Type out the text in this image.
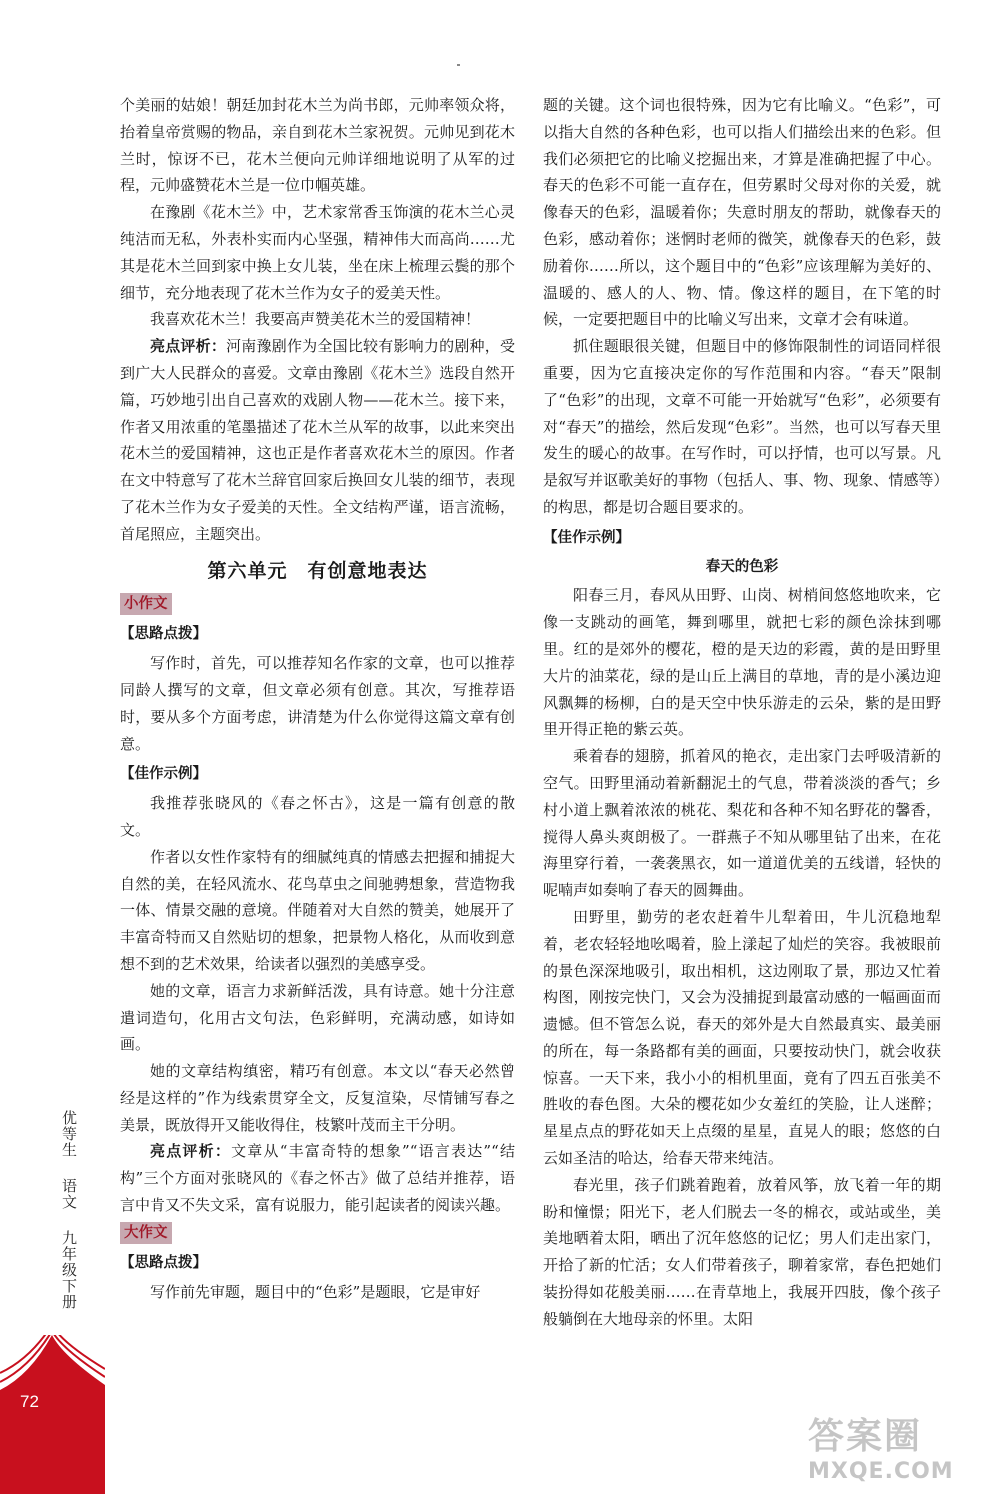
个美丽的姑娘！朝廷加封花木兰为尚书郎，元帅率领众将，抬着皇帝赏赐的物品，亲自到花木兰家祝贺。元帅见到花木兰时，惊讶不已，花木兰便向元帅详细地说明了从军的过程，元帅盛赞花木兰是一位巾帼英雄。

在豫剧《花木兰》中，艺术家常香玉饰演的花木兰心灵纯洁而无私，外表朴实而内心坚强，精神伟大而高尚……尤其是花木兰回到家中换上女儿装，坐在床上梳理云鬓的那个细节，充分地表现了花木兰作为女子的爱美天性。

我喜欢花木兰！我要高声赞美花木兰的爱国精神！

亮点评析：河南豫剧作为全国比较有影响力的剧种，受到广大人民群众的喜爱。文章由豫剧《花木兰》选段自然开篇，巧妙地引出自己喜欢的戏剧人物——花木兰。接下来，作者又用浓重的笔墨描述了花木兰从军的故事，以此来突出花木兰的爱国精神，这也正是作者喜欢花木兰的原因。作者在文中特意写了花木兰辞官回家后换回女儿装的细节，表现了花木兰作为女子爱美的天性。全文结构严谨，语言流畅，首尾照应，主题突出。

第六单元　有创意地表达
小作文
【思路点拨】

写作时，首先，可以推荐知名作家的文章，也可以推荐同龄人撰写的文章，但文章必须有创意。其次，写推荐语时，要从多个方面考虑，讲清楚为什么你觉得这篇文章有创意。

【佳作示例】

我推荐张晓风的《春之怀古》，这是一篇有创意的散文。

作者以女性作家特有的细腻纯真的情感去把握和捕捉大自然的美，在轻风流水、花鸟草虫之间驰骋想象，营造物我一体、情景交融的意境。伴随着对大自然的赞美，她展开了丰富奇特而又自然贴切的想象，把景物人格化，从而收到意想不到的艺术效果，给读者以强烈的美感享受。

她的文章，语言力求新鲜活泼，具有诗意。她十分注意遣词造句，化用古文句法，色彩鲜明，充满动感，如诗如画。

她的文章结构缜密，精巧有创意。本文以“春天必然曾经是这样的”作为线索贯穿全文，反复渲染，尽情铺写春之美景，既放得开又能收得住，枝繁叶茂而主干分明。

亮点评析：文章从“丰富奇特的想象”“语言表达”“结构”三个方面对张晓风的《春之怀古》做了总结并推荐，语言中肯又不失文采，富有说服力，能引起读者的阅读兴趣。

大作文
【思路点拨】

写作前先审题，题目中的“色彩”是题眼，它是审好

题的关键。这个词也很特殊，因为它有比喻义。“色彩”，可以指大自然的各种色彩，也可以指人们描绘出来的色彩。但我们必须把它的比喻义挖掘出来，才算是准确把握了中心。春天的色彩不可能一直存在，但劳累时父母对你的关爱，就像春天的色彩，温暖着你；失意时朋友的帮助，就像春天的色彩，感动着你；迷惘时老师的微笑，就像春天的色彩，鼓励着你……所以，这个题目中的“色彩”应该理解为美好的、温暖的、感人的人、物、情。像这样的题目，在下笔的时候，一定要把题目中的比喻义写出来，文章才会有味道。

抓住题眼很关键，但题目中的修饰限制性的词语同样很重要，因为它直接决定你的写作范围和内容。“春天”限制了“色彩”的出现，文章不可能一开始就写“色彩”，必须要有对“春天”的描绘，然后发现“色彩”。当然，也可以写春天里发生的暖心的故事。在写作时，可以抒情，也可以写景。凡是叙写并讴歌美好的事物（包括人、事、物、现象、情感等）的构思，都是切合题目要求的。

【佳作示例】
春天的色彩

阳春三月，春风从田野、山岗、树梢间悠悠地吹来，它像一支跳动的画笔，舞到哪里，就把七彩的颜色涂抹到哪里。红的是郊外的樱花，橙的是天边的彩霞，黄的是田野里大片的油菜花，绿的是山丘上满目的草地，青的是小溪边迎风飘舞的杨柳，白的是天空中快乐游走的云朵，紫的是田野里开得正艳的紫云英。

乘着春的翅膀，抓着风的艳衣，走出家门去呼吸清新的空气。田野里涌动着新翻泥土的气息，带着淡淡的香气；乡村小道上飘着浓浓的桃花、梨花和各种不知名野花的馨香，搅得人鼻头爽朗极了。一群燕子不知从哪里钻了出来，在花海里穿行着，一袭袭黑衣，如一道道优美的五线谱，轻快的呢喃声如奏响了春天的圆舞曲。

田野里，勤劳的老农赶着牛儿犁着田，牛儿沉稳地犁着，老农轻轻地吆喝着，脸上漾起了灿烂的笑容。我被眼前的景色深深地吸引，取出相机，这边刚取了景，那边又忙着构图，刚按完快门，又会为没捕捉到最富动感的一幅画面而遗憾。但不管怎么说，春天的郊外是大自然最真实、最美丽的所在，每一条路都有美的画面，只要按动快门，就会收获惊喜。一天下来，我小小的相机里面，竟有了四五百张美不胜收的春色图。大朵的樱花如少女羞红的笑脸，让人迷醉；星星点点的野花如天上点缀的星星，直晃人的眼；悠悠的白云如圣洁的哈达，给春天带来纯洁。

春光里，孩子们跳着跑着，放着风筝，放飞着一年的期盼和憧憬；阳光下，老人们脱去一冬的棉衣，或站或坐，美美地晒着太阳，晒出了沉年悠悠的记忆；男人们走出家门，开拾了新的忙活；女人们带着孩子，聊着家常，春色把她们装扮得如花般美丽……在青草地上，我展开四肢，像个孩子般躺倒在大地母亲的怀里。太阳

优等生 语文 九年级下册
72
答案圈
MXQE.COM
